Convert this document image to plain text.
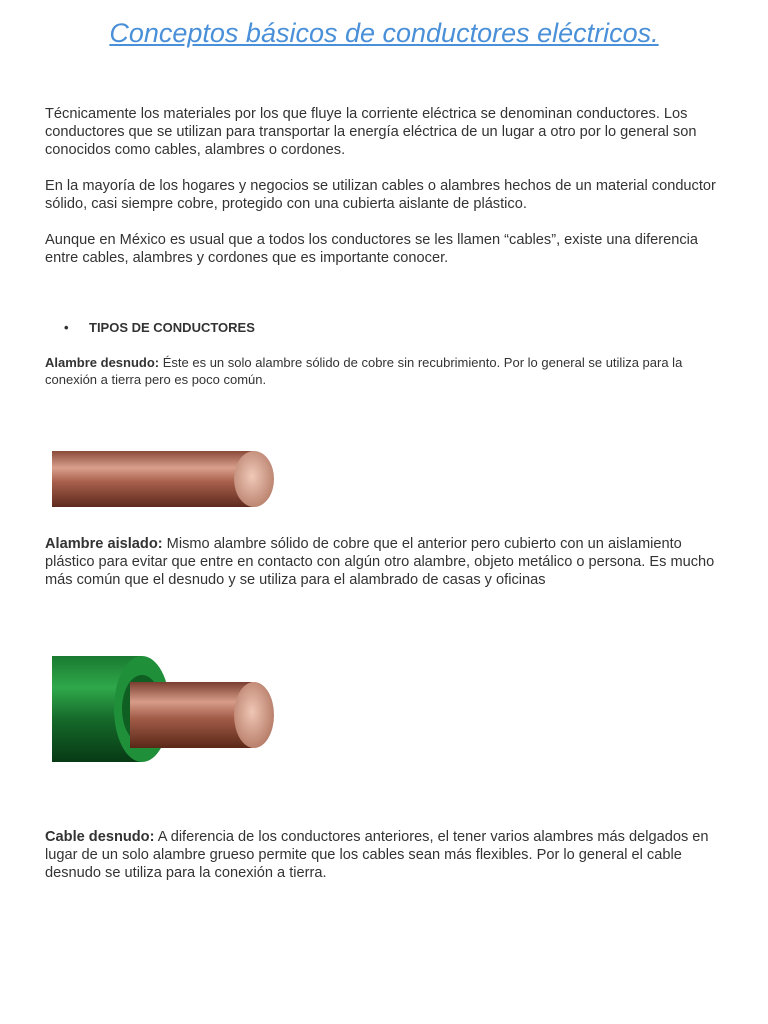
Conceptos básicos de conductores eléctricos.

Técnicamente los materiales por los que fluye la corriente eléctrica se denominan conductores. Los conductores que se utilizan para transportar la energía eléctrica de un lugar a otro por lo general son conocidos como cables, alambres o cordones.

En la mayoría de los hogares y negocios se utilizan cables o alambres hechos de un material conductor sólido, casi siempre cobre, protegido con una cubierta aislante de plástico.

Aunque en México es usual que a todos los conductores se les llamen “cables”, existe una diferencia entre cables, alambres y cordones que es importante conocer.

• TIPOS DE CONDUCTORES

Alambre desnudo: Éste es un solo alambre sólido de cobre sin recubrimiento. Por lo general se utiliza para la conexión a tierra pero es poco común.

Alambre aislado: Mismo alambre sólido de cobre que el anterior pero cubierto con un aislamiento plástico para evitar que entre en contacto con algún otro alambre, objeto metálico o persona. Es mucho más común que el desnudo y se utiliza para el alambrado de casas y oficinas

Cable desnudo: A diferencia de los conductores anteriores, el tener varios alambres más delgados en lugar de un solo alambre grueso permite que los cables sean más flexibles. Por lo general el cable desnudo se utiliza para la conexión a tierra.
